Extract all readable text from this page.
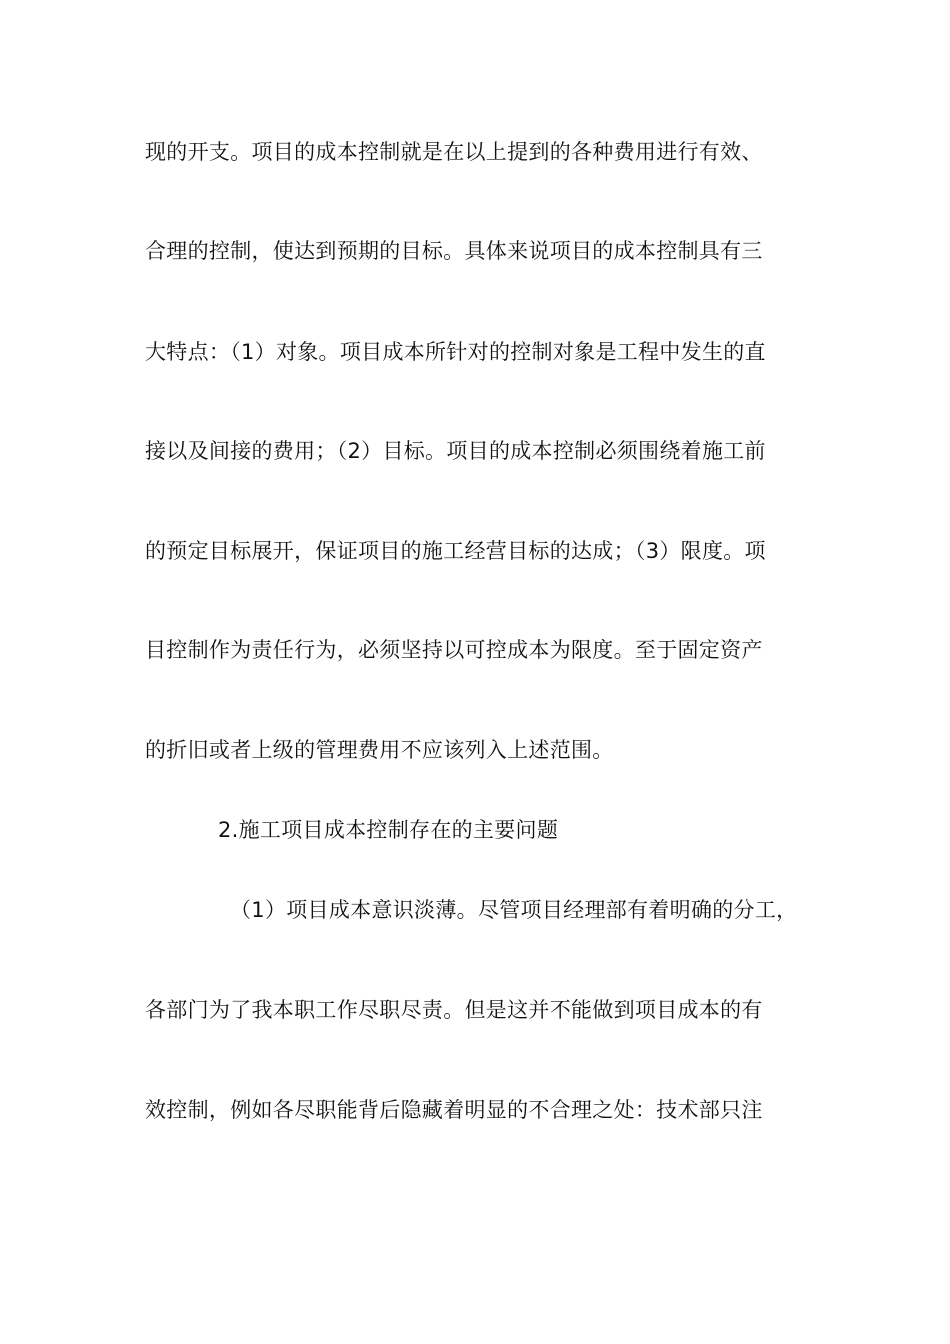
现的开支。项目的成本控制就是在以上提到的各种费用进行有效、
合理的控制，使达到预期的目标。具体来说项目的成本控制具有三
大特点：（1）对象。项目成本所针对的控制对象是工程中发生的直
接以及间接的费用；（2）目标。项目的成本控制必须围绕着施工前
的预定目标展开，保证项目的施工经营目标的达成；（3）限度。项
目控制作为责任行为，必须坚持以可控成本为限度。至于固定资产
的折旧或者上级的管理费用不应该列入上述范围。
2.施工项目成本控制存在的主要问题
（1）项目成本意识淡薄。尽管项目经理部有着明确的分工，
各部门为了我本职工作尽职尽责。但是这并不能做到项目成本的有
效控制，例如各尽职能背后隐藏着明显的不合理之处：技术部只注
